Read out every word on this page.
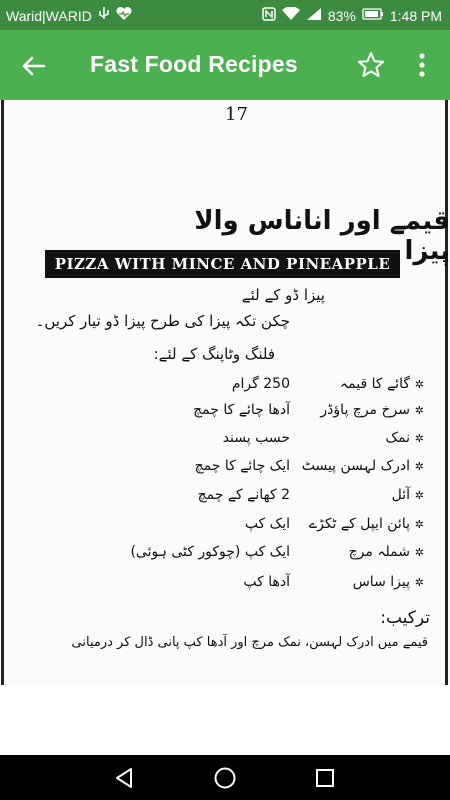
Warid|WARID	83% 1:48 PM
Fast Food Recipes
17
قیمے اور اناناس والا پیزا
PIZZA WITH MINCE AND PINEAPPLE
پیزا ڈو کے لئے
چکن تکہ پیزا کی طرح پیزا ڈو تیار کریں۔
فلنگ وٹاپنگ کے لئے:
✲
گائے کا قیمہ
250 گرام
✲
سرخ مرچ پاؤڈر
آدھا چائے کا چمچ
✲
نمک
حسب پسند
✲
ادرک لہسن پیسٹ
ایک چائے کا چمچ
✲
آئل
2 کھانے کے چمچ
✲
پائن ایپل کے ٹکڑے
ایک کپ
✲
شملہ مرچ
ایک کپ (چوکور کٹی ہوئی)
✲
پیزا ساس
آدھا کپ
ترکیب:
قیمے میں ادرک لہسن، نمک مرچ اور آدھا کپ پانی ڈال کر درمیانی
